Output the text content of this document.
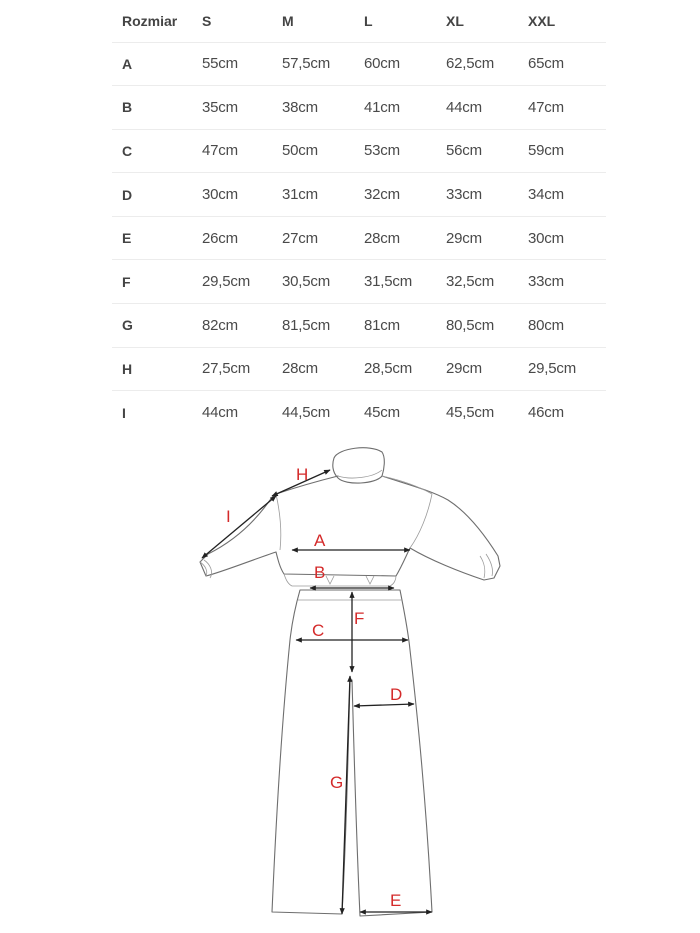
Rozmiar	S	M	L	XL	XXL
A	55cm	57,5cm	60cm	62,5cm	65cm
B	35cm	38cm	41cm	44cm	47cm
C	47cm	50cm	53cm	56cm	59cm
D	30cm	31cm	32cm	33cm	34cm
E	26cm	27cm	28cm	29cm	30cm
F	29,5cm	30,5cm	31,5cm	32,5cm	33cm
G	82cm	81,5cm	81cm	80,5cm	80cm
H	27,5cm	28cm	28,5cm	29cm	29,5cm
I	44cm	44,5cm	45cm	45,5cm	46cm
A
B
C
D
E
F
G
H
I
